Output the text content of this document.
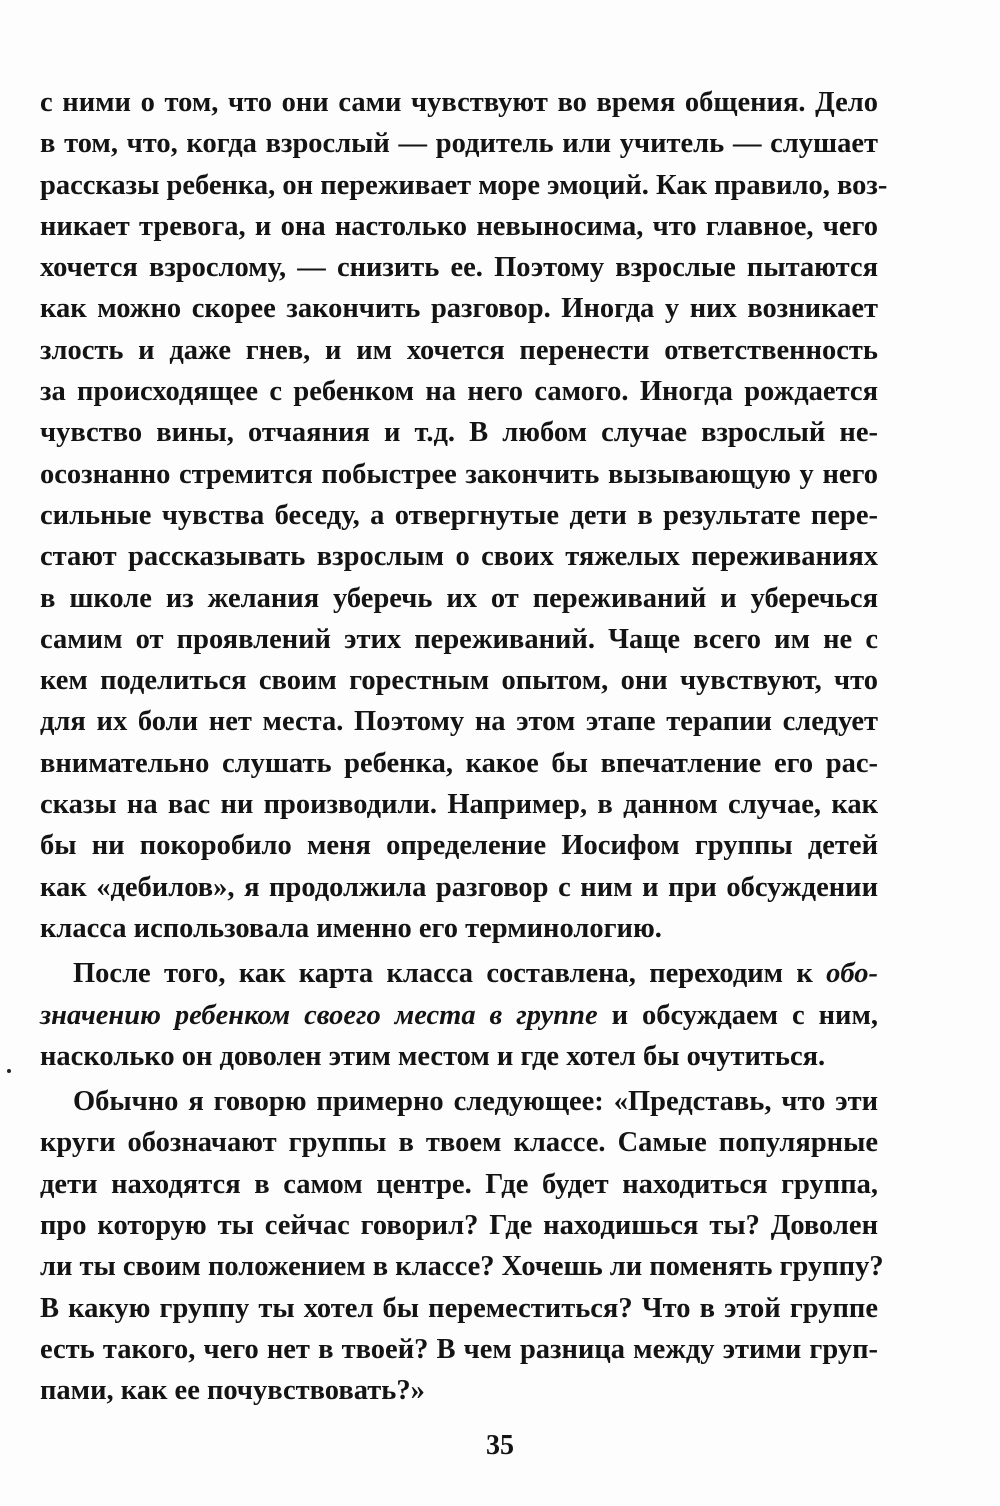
с ними о том, что они сами чувствуют во время общения. Дело
в том, что, когда взрослый — родитель или учитель — слушает
рассказы ребенка, он переживает море эмоций. Как правило, воз-
никает тревога, и она настолько невыносима, что главное, чего
хочется взрослому, — снизить ее. Поэтому взрослые пытаются
как можно скорее закончить разговор. Иногда у них возникает
злость и даже гнев, и им хочется перенести ответственность
за происходящее с ребенком на него самого. Иногда рождается
чувство вины, отчаяния и т.д. В любом случае взрослый не-
осознанно стремится побыстрее закончить вызывающую у него
сильные чувства беседу, а отвергнутые дети в результате пере-
стают рассказывать взрослым о своих тяжелых переживаниях
в школе из желания уберечь их от переживаний и уберечься
самим от проявлений этих переживаний. Чаще всего им не с
кем поделиться своим горестным опытом, они чувствуют, что
для их боли нет места. Поэтому на этом этапе терапии следует
внимательно слушать ребенка, какое бы впечатление его рас-
сказы на вас ни производили. Например, в данном случае, как
бы ни покоробило меня определение Иосифом группы детей
как «дебилов», я продолжила разговор с ним и при обсуждении
класса использовала именно его терминологию.

После того, как карта класса составлена, переходим к обо-
значению ребенком своего места в группе и обсуждаем с ним,
насколько он доволен этим местом и где хотел бы очутиться.

Обычно я говорю примерно следующее: «Представь, что эти
круги обозначают группы в твоем классе. Самые популярные
дети находятся в самом центре. Где будет находиться группа,
про которую ты сейчас говорил? Где находишься ты? Доволен
ли ты своим положением в классе? Хочешь ли поменять группу?
В какую группу ты хотел бы переместиться? Что в этой группе
есть такого, чего нет в твоей? В чем разница между этими груп-
пами, как ее почувствовать?»

35
